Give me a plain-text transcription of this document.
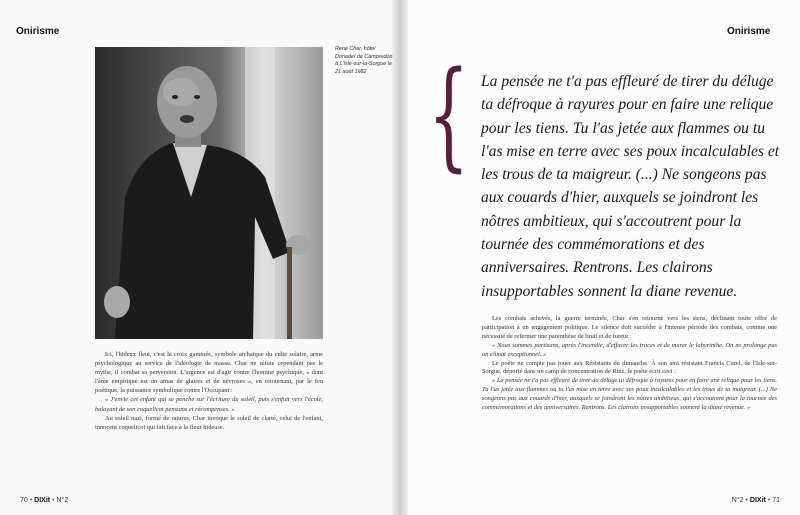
Onirisme
René Char, hôtel Donadeï de Campredon à L'Isle-sur-la-Sorgue le 21 août 1982

Ici, l'hideux fleut, c'est la croix gammée, symbole archaïque du culte solaire, arme psychologique au service de l'idéologie de masse. Char ne réfute cependant pas le mythe, il combat sa perversion. L'urgence est d'agir contre l'homme psychique, « dont l'âme empirique est un amas de glaires et de névroses », en retournant, par le feu poétique, la puissance symbolique contre l'Occupant :

« J'envie cet enfant qui se penche sur l'écriture du soleil, puis s'enfuit vers l'école, balayant de son coquelicot pensums et récompenses. »

Au soleil nazi, formé de ratures, Char invoque le soleil de clarté, celui de l'enfant, innocent coquelicot qui fait face à la fleur hideuse.

70 • DIXit • N°2
Onirisme
{ La pensée ne t'a pas effleuré de tirer du déluge ta défroque à rayures pour en faire une relique pour les tiens. Tu l'as jetée aux flammes ou tu l'as mise en terre avec ses poux incalculables et les trous de ta maigreur. (...) Ne songeons pas aux couards d'hier, auxquels se joindront les nôtres ambitieux, qui s'accoutrent pour la tournée des commémorations et des anniversaires. Rentrons. Les clairons insupportables sonnent la diane revenue.

Les combats achevés, la guerre terminée, Char s'en retourne vers les siens, déclinant toute offre de participation à un engagement politique. Le silence doit succéder à l'intense période des combats, comme une nécessité de refermer une parenthèse de bruit et de fureur :

« Nous sommes partisans, après l'incendie, d'effacer les traces et de murer le labyrinthe. On ne prolonge pas un climat exceptionnel. »

Le poète ne compte pas jouer aux Résistants du dimanche. À son ami résistant Francis Curel, de l'Isle-sur-Sorgue, déporté dans un camp de concentration de Rinz, le poète écrit ceci :

« La pensée ne t'a pas effleuré de tirer du déluge ta défroque à rayures pour en faire une relique pour les tiens. Tu l'as jetée aux flammes ou tu l'as mise en terre avec ses poux incalculables et les trous de ta maigreur. (...) Ne songeons pas aux couards d'hier, auxquels se joindront les nôtres ambitieux, qui s'accoutrent pour la tournée des commémorations et des anniversaires. Rentrons. Les clairons insupportables sonnent la diane revenue. »

N°2 • DIXit • 71
